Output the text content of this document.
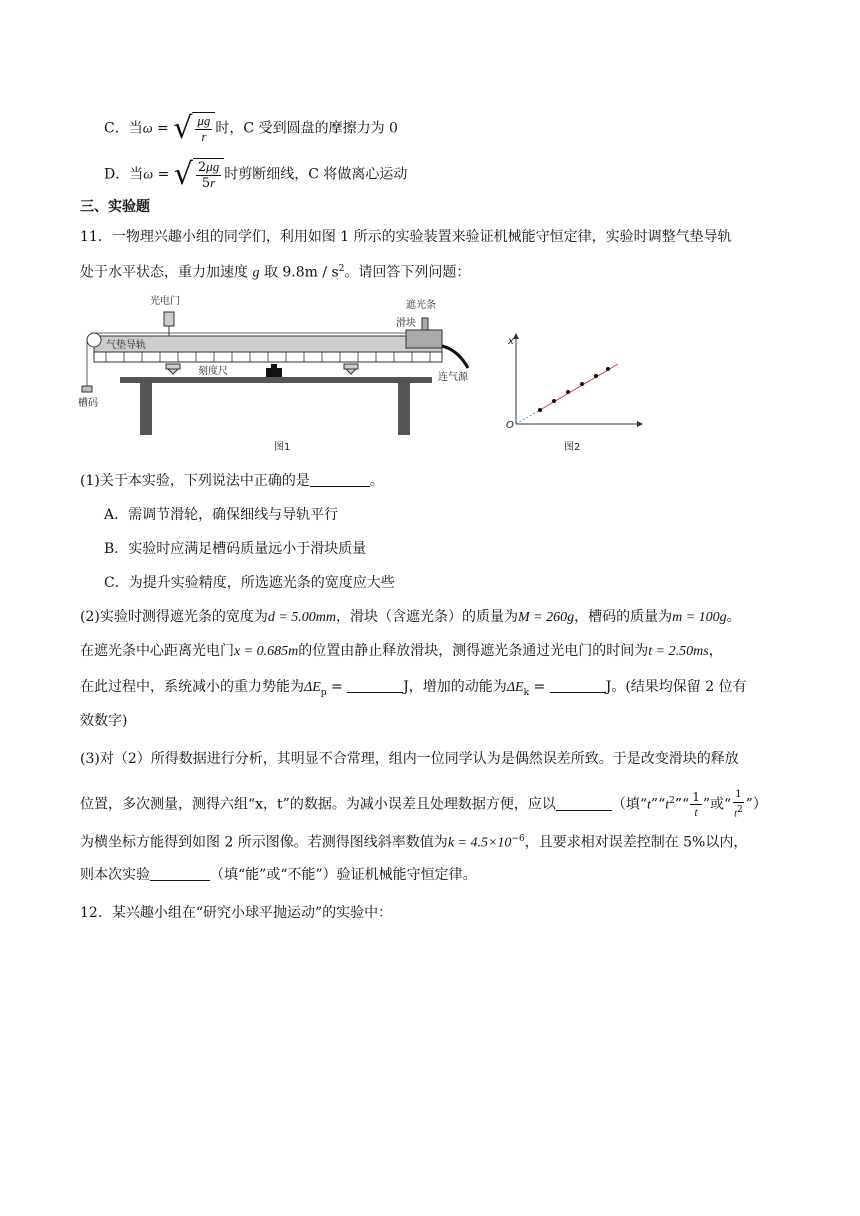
C．当ω = √ $\frac{\mu g}{r}$ 时，C 受到圆盘的摩擦力为 0
D．当ω = √ $\frac{2\mu g}{5r}$ 时剪断细线，C 将做离心运动
三、实验题
11．一物理兴趣小组的同学们，利用如图 1 所示的实验装置来验证机械能守恒定律，实验时调整气垫导轨
处于水平状态，重力加速度 g 取 $9.8m / s^2$。请回答下列问题：
光电门	遮光条
滑块
气垫导轨
刻度尺
连气源
槽码
图1
x
O
图2
(1)关于本实验，下列说法中正确的是	。
A．需调节滑轮，确保细线与导轨平行
B．实验时应满足槽码质量远小于滑块质量
C．为提升实验精度，所选遮光条的宽度应大些
(2)实验时测得遮光条的宽度为d = 5.00mm，滑块（含遮光条）的质量为M = 260g，槽码的质量为m = 100g。
在遮光条中心距离光电门x = 0.685m的位置由静止释放滑块，测得遮光条通过光电门的时间为t = 2.50ms，
在此过程中，系统减小的重力势能为$\Delta E_p$ =	J，增加的动能为$\Delta E_k$ =	J。(结果均保留 2 位有
效数字)
(3)对（2）所得数据进行分析，其明显不合常理，组内一位同学认为是偶然误差所致。于是改变滑块的释放
位置，多次测量，测得六组“x，t”的数据。为减小误差且处理数据方便，应以	（填“$t”“t^2”“ \frac{1}{t}$ ”或“ $\frac{1}{t^2}$ ”）
为横坐标方能得到如图 2 所示图像。若测得图线斜率数值为$k = 4.5\times 10^{-6}$，且要求相对误差控制在 5%以内，
则本次实验	（填“能”或“不能”）验证机械能守恒定律。
12．某兴趣小组在“研究小球平抛运动”的实验中：
